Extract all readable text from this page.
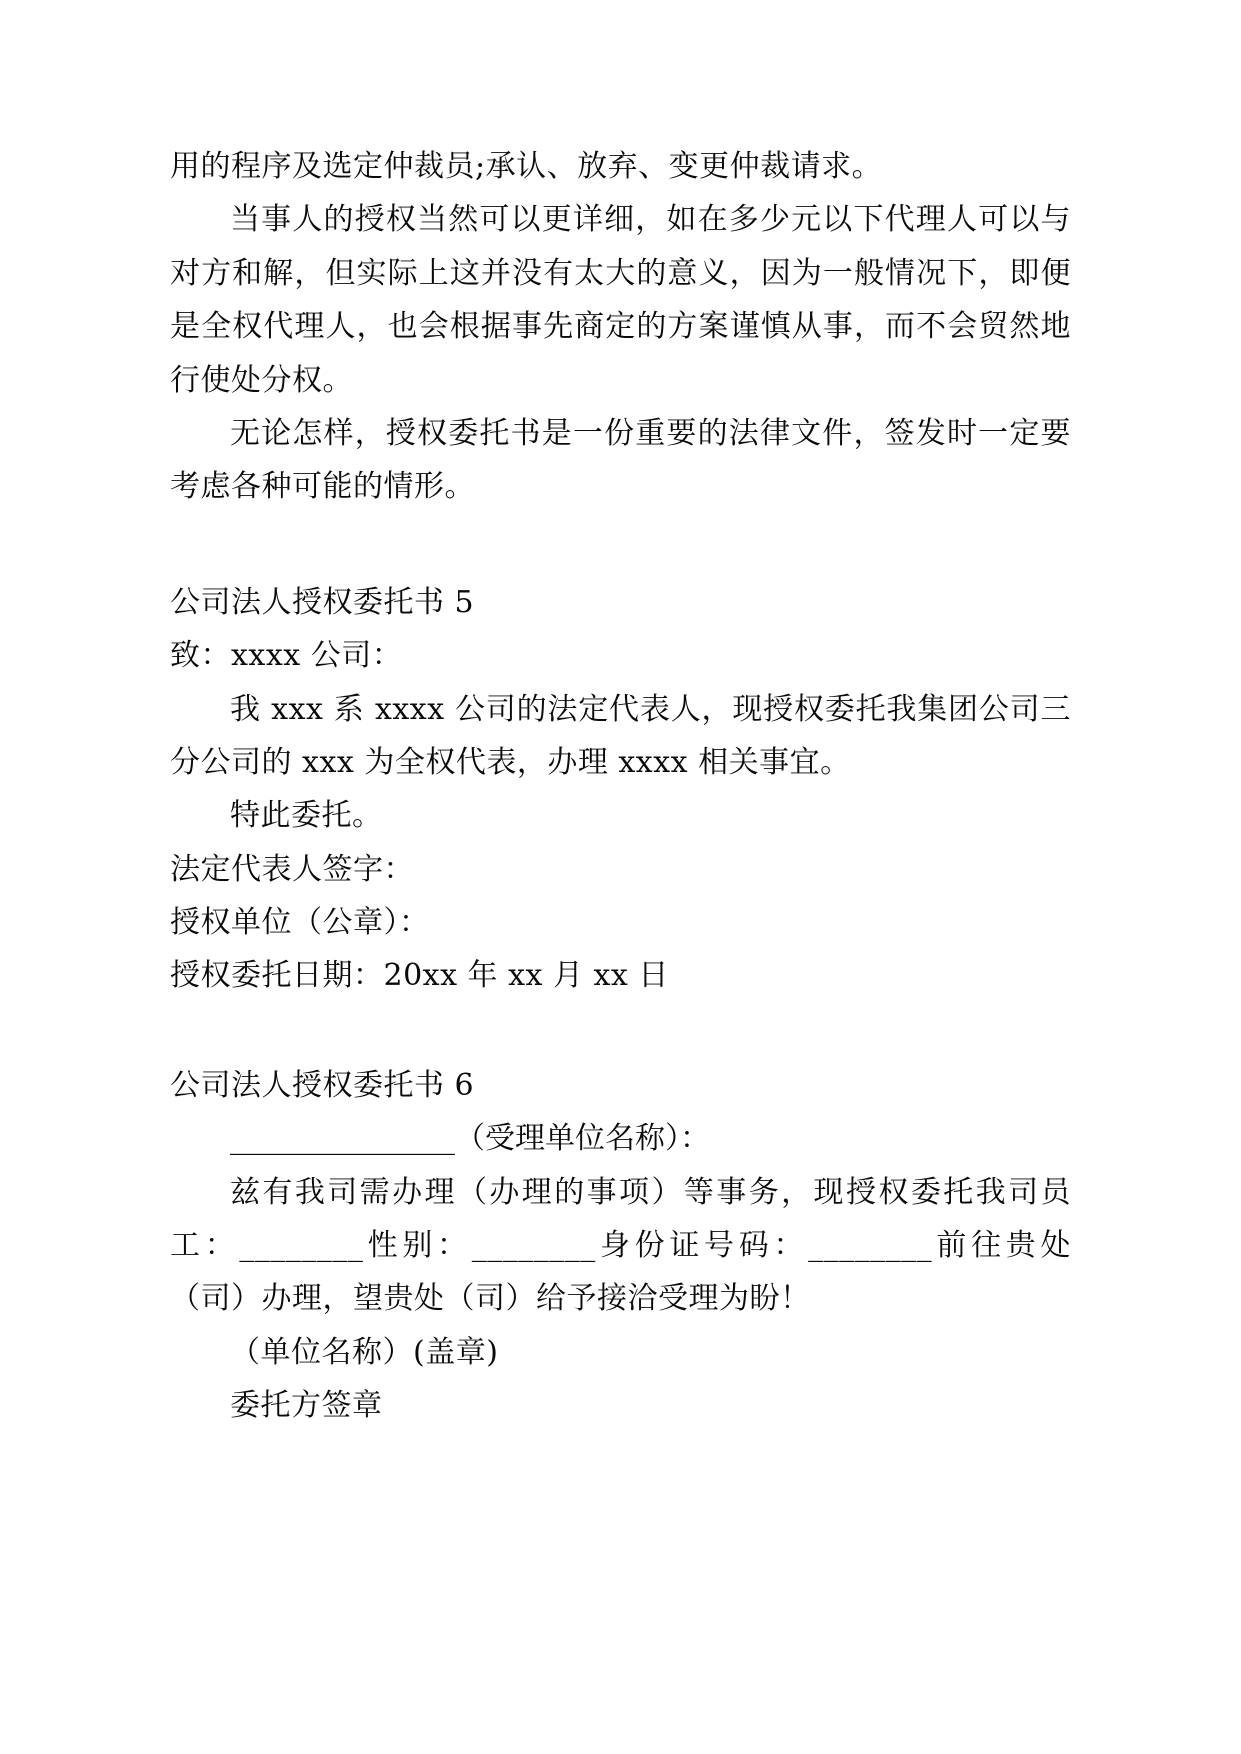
用的程序及选定仲裁员;承认、放弃、变更仲裁请求。

当事人的授权当然可以更详细，如在多少元以下代理人可以与对方和解，但实际上这并没有太大的意义，因为一般情况下，即便是全权代理人，也会根据事先商定的方案谨慎从事，而不会贸然地行使处分权。

无论怎样，授权委托书是一份重要的法律文件，签发时一定要考虑各种可能的情形。

公司法人授权委托书 5

致：xxxx 公司：

我 xxx 系 xxxx 公司的法定代表人，现授权委托我集团公司三分公司的 xxx 为全权代表，办理 xxxx 相关事宜。

特此委托。

法定代表人签字：

授权单位（公章）：

授权委托日期：20xx 年 xx 月 xx 日

公司法人授权委托书 6

_______________（受理单位名称）：

兹有我司需办理（办理的事项）等事务，现授权委托我司员工：________性别：________身份证号码：________前往贵处（司）办理，望贵处（司）给予接洽受理为盼！

（单位名称）(盖章)

委托方签章
